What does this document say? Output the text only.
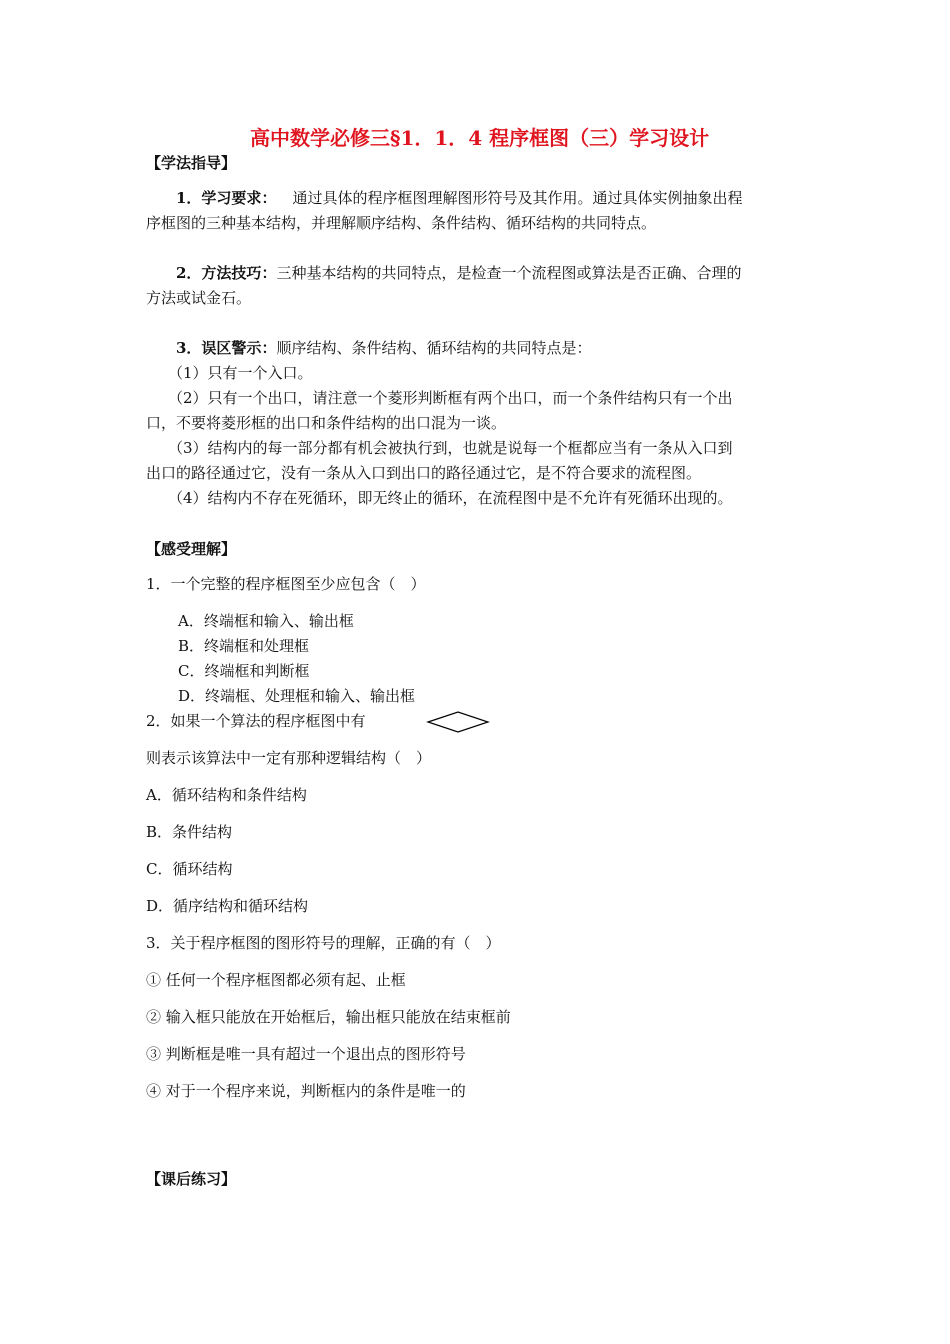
高中数学必修三§1．1．4 程序框图（三）学习设计
【学法指导】
1．学习要求： 通过具体的程序框图理解图形符号及其作用。通过具体实例抽象出程
序框图的三种基本结构，并理解顺序结构、条件结构、循环结构的共同特点。
2．方法技巧：三种基本结构的共同特点，是检查一个流程图或算法是否正确、合理的
方法或试金石。
3．误区警示：顺序结构、条件结构、循环结构的共同特点是：
（1）只有一个入口。
（2）只有一个出口，请注意一个菱形判断框有两个出口，而一个条件结构只有一个出
口，不要将菱形框的出口和条件结构的出口混为一谈。
（3）结构内的每一部分都有机会被执行到，也就是说每一个框都应当有一条从入口到
出口的路径通过它，没有一条从入口到出口的路径通过它，是不符合要求的流程图。
（4）结构内不存在死循环，即无终止的循环，在流程图中是不允许有死循环出现的。
【感受理解】
1．一个完整的程序框图至少应包含（　）
A．终端框和输入、输出框
B．终端框和处理框
C．终端框和判断框
D．终端框、处理框和输入、输出框
2．如果一个算法的程序框图中有
则表示该算法中一定有那种逻辑结构（　）
A．循环结构和条件结构
B．条件结构
C．循环结构
D．循序结构和循环结构
3．关于程序框图的图形符号的理解，正确的有（　）
① 任何一个程序框图都必须有起、止框
② 输入框只能放在开始框后，输出框只能放在结束框前
③ 判断框是唯一具有超过一个退出点的图形符号
④ 对于一个程序来说，判断框内的条件是唯一的
【课后练习】
